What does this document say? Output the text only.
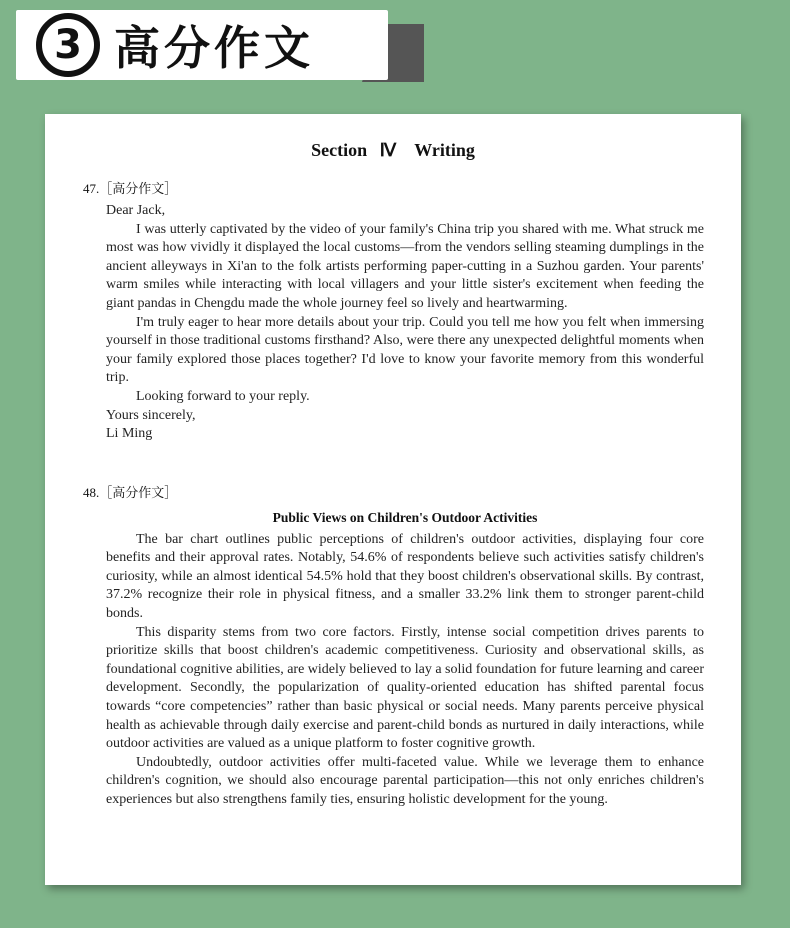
3 高分作文
Section Ⅳ　Writing
47.［高分作文］

Dear Jack,

I was utterly captivated by the video of your family's China trip you shared with me. What struck me most was how vividly it displayed the local customs—from the vendors selling steaming dumplings in the ancient alleyways in Xi'an to the folk artists performing paper-cutting in a Suzhou garden. Your parents' warm smiles while interacting with local villagers and your little sister's excitement when feeding the giant pandas in Chengdu made the whole journey feel so lively and heartwarming.

I'm truly eager to hear more details about your trip. Could you tell me how you felt when immersing yourself in those traditional customs firsthand? Also, were there any unexpected delightful moments when your family explored those places together? I'd love to know your favorite memory from this wonderful trip.

Looking forward to your reply.

Yours sincerely,

Li Ming

48.［高分作文］
Public Views on Children's Outdoor Activities

The bar chart outlines public perceptions of children's outdoor activities, displaying four core benefits and their approval rates. Notably, 54.6% of respondents believe such activities satisfy children's curiosity, while an almost identical 54.5% hold that they boost children's observational skills. By contrast, 37.2% recognize their role in physical fitness, and a smaller 33.2% link them to stronger parent-child bonds.

This disparity stems from two core factors. Firstly, intense social competition drives parents to prioritize skills that boost children's academic competitiveness. Curiosity and observational skills, as foundational cognitive abilities, are widely believed to lay a solid foundation for future learning and career development. Secondly, the popularization of quality-oriented education has shifted parental focus towards “core competencies” rather than basic physical or social needs. Many parents perceive physical health as achievable through daily exercise and parent-child bonds as nurtured in daily interactions, while outdoor activities are valued as a unique platform to foster cognitive growth.

Undoubtedly, outdoor activities offer multi-faceted value. While we leverage them to enhance children's cognition, we should also encourage parental participation—this not only enriches children's experiences but also strengthens family ties, ensuring holistic development for the young.
